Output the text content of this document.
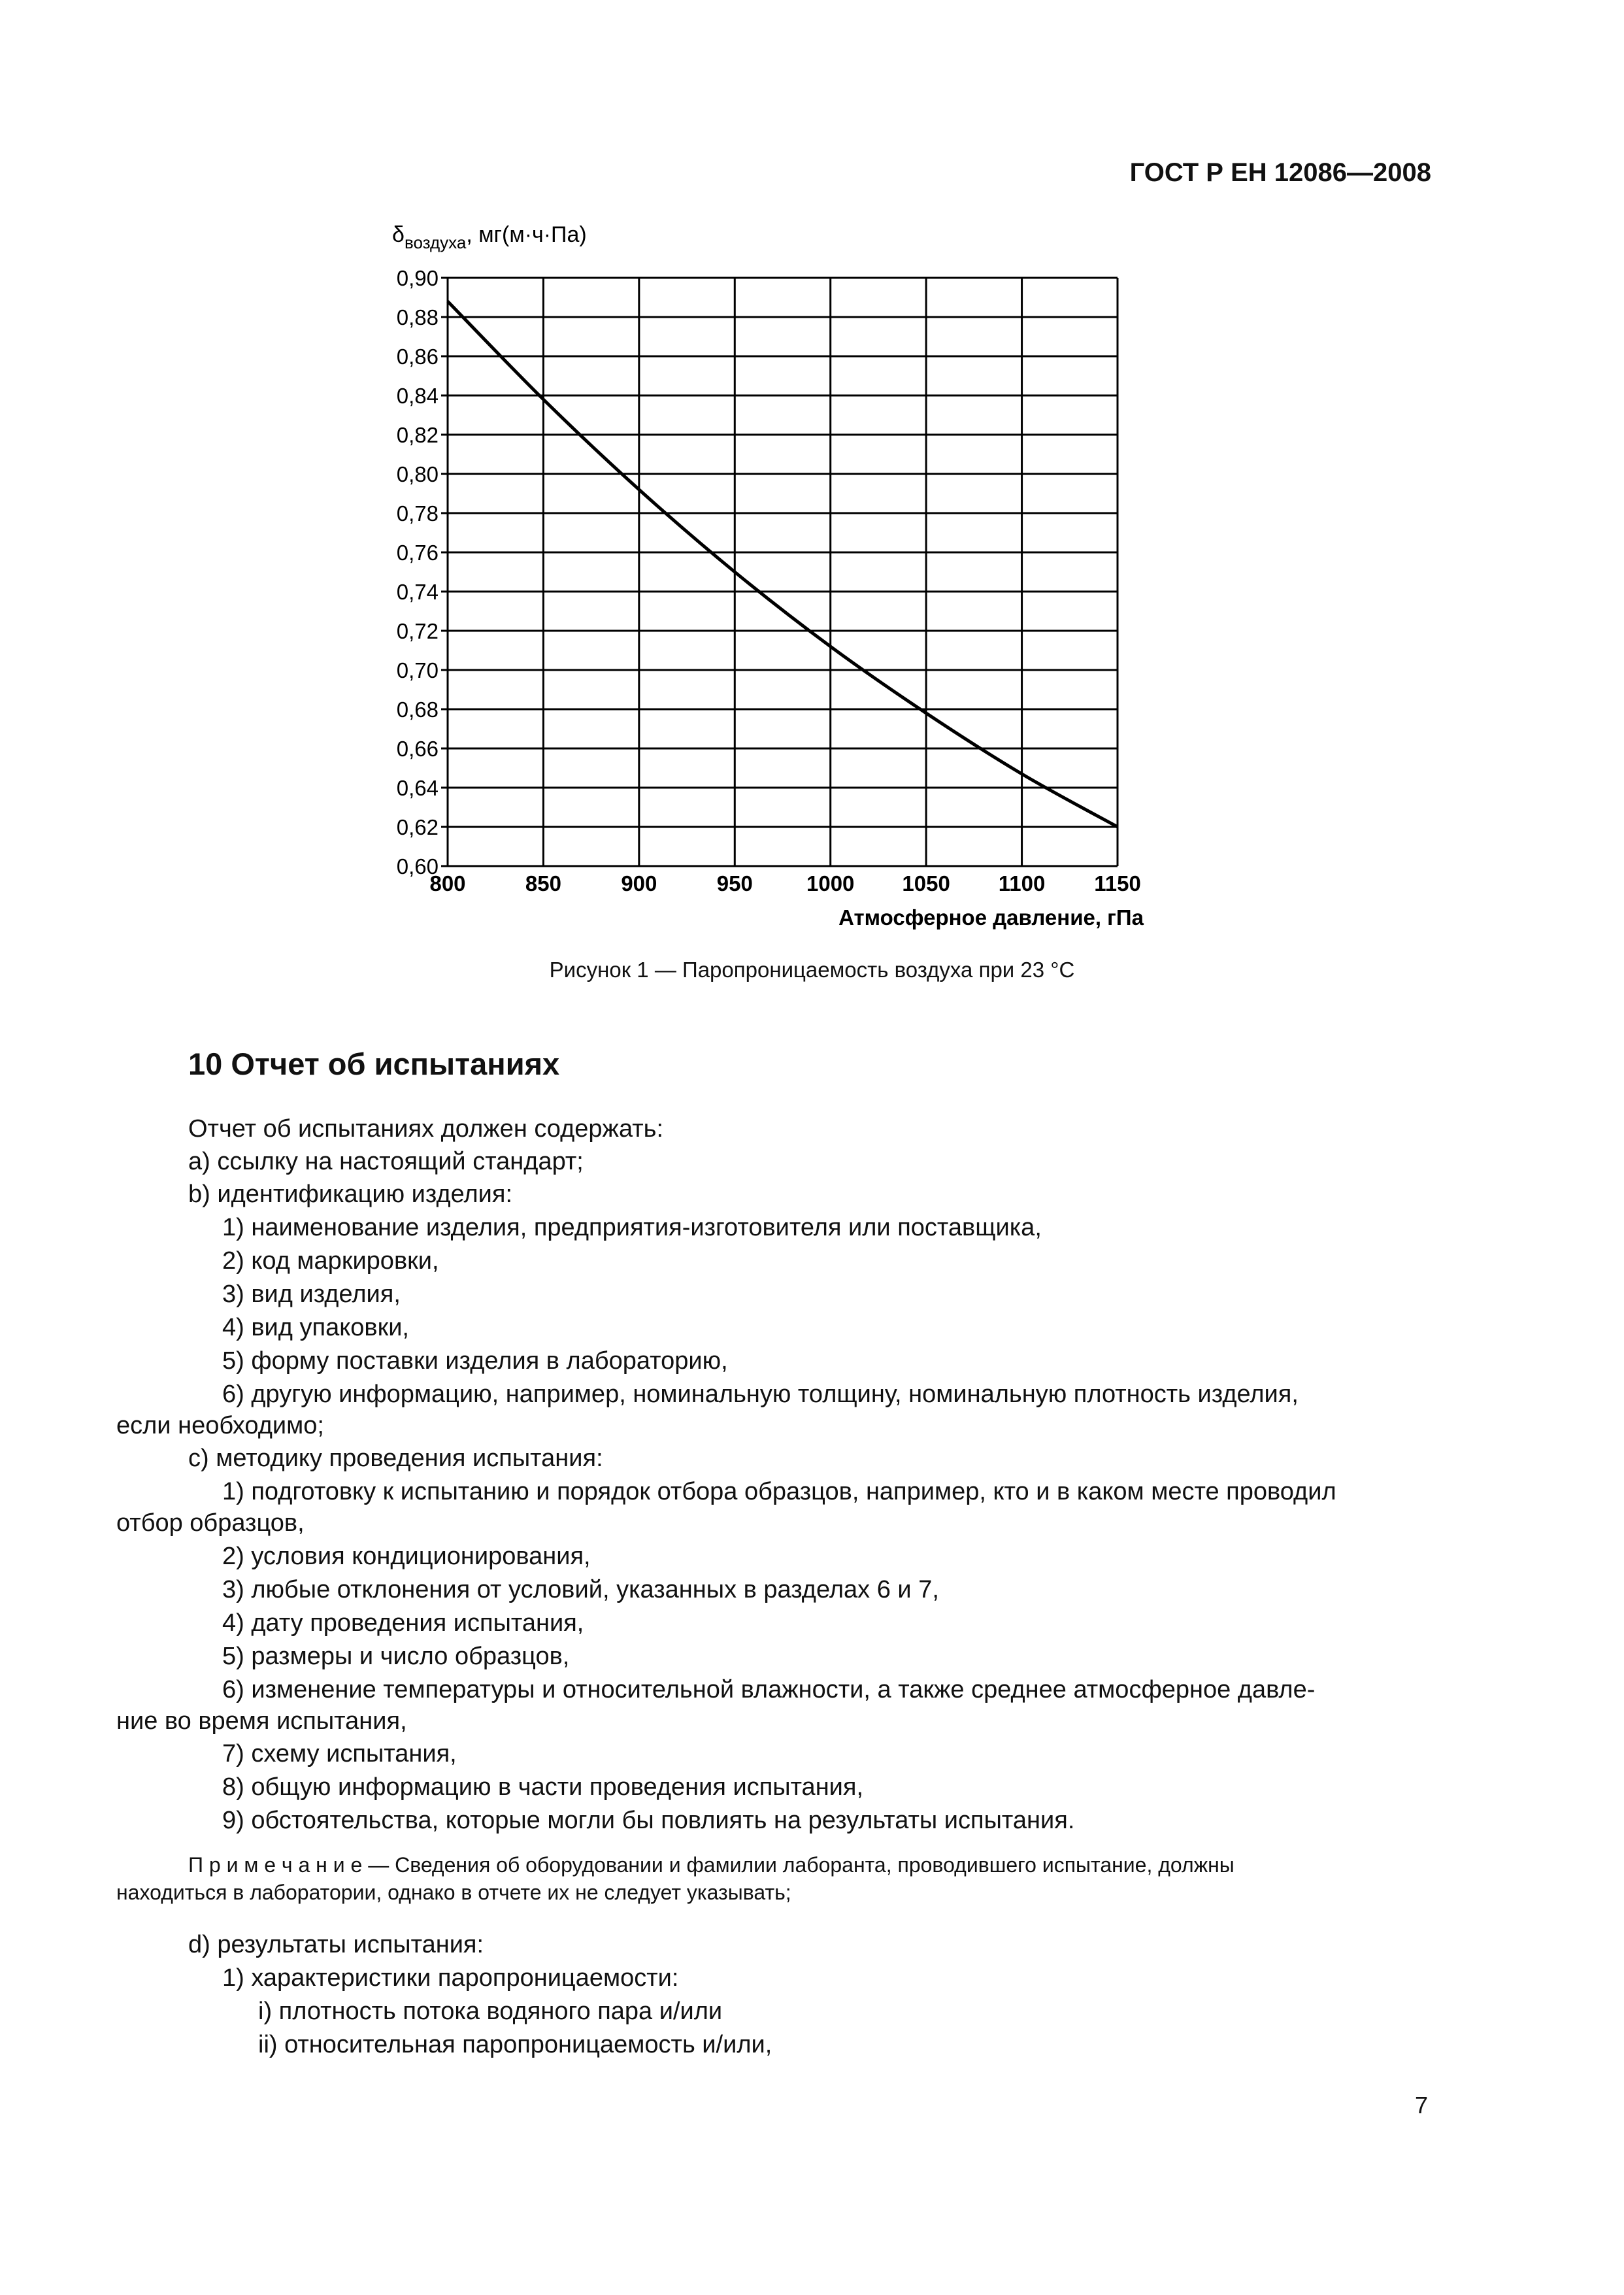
ГОСТ Р ЕН 12086—2008
$\delta_{воздуха}$, мг(м·ч·Па)
0,60
0,62
0,64
0,66
0,68
0,70
0,72
0,74
0,76
0,78
0,80
0,82
0,84
0,86
0,88
0,90
800	850	900	950 1000 1050 1100 1150
Атмосферное давление, гПа
Рисунок 1 — Паропроницаемость воздуха при 23 °C
10 Отчет об испытаниях
Отчет об испытаниях должен содержать:
а) ссылку на настоящий стандарт;
b) идентификацию изделия:
1) наименование изделия, предприятия-изготовителя или поставщика,
2) код маркировки,
3) вид изделия,
4) вид упаковки,
5) форму поставки изделия в лабораторию,
6) другую информацию, например, номинальную толщину, номинальную плотность изделия,
если необходимо;
с) методику проведения испытания:
1) подготовку к испытанию и порядок отбора образцов, например, кто и в каком месте проводил
отбор образцов,
2) условия кондиционирования,
3) любые отклонения от условий, указанных в разделах 6 и 7,
4) дату проведения испытания,
5) размеры и число образцов,
6) изменение температуры и относительной влажности, а также среднее атмосферное давле-
ние во время испытания,
7) схему испытания,
8) общую информацию в части проведения испытания,
9) обстоятельства, которые могли бы повлиять на результаты испытания.
П р и м е ч а н и е — Сведения об оборудовании и фамилии лаборанта, проводившего испытание, должны
находиться в лаборатории, однако в отчете их не следует указывать;
d) результаты испытания:
1) характеристики паропроницаемости:
i) плотность потока водяного пара и/или
ii) относительная паропроницаемость и/или,
7
